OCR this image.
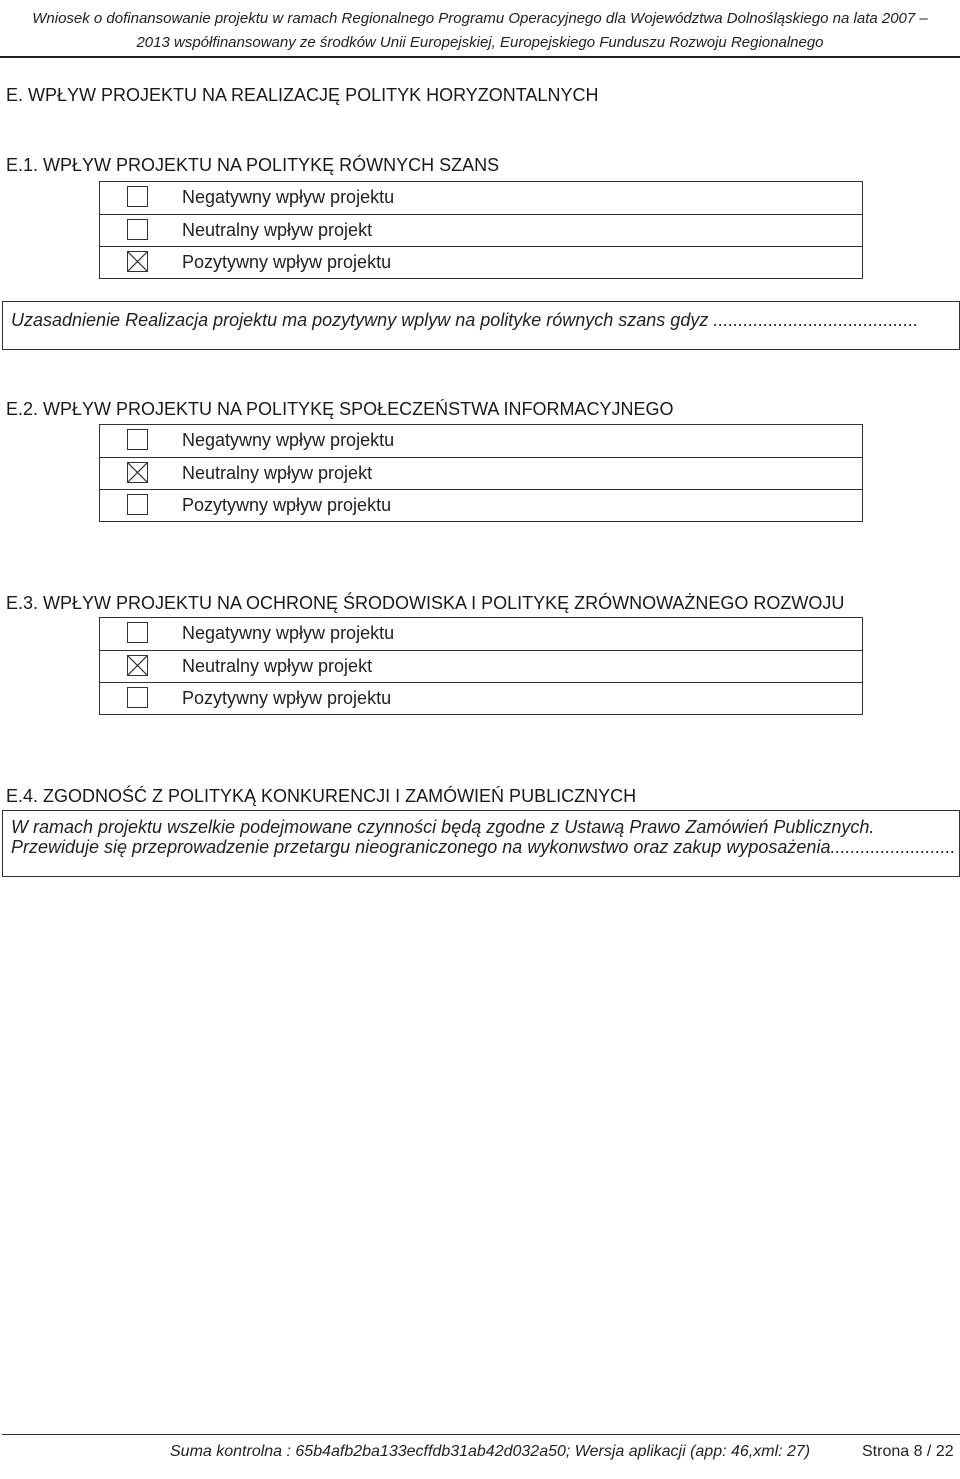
Wniosek o dofinansowanie projektu w ramach Regionalnego Programu Operacyjnego dla Województwa Dolnośląskiego na lata 2007 –
2013 współfinansowany ze środków Unii Europejskiej, Europejskiego Funduszu Rozwoju Regionalnego
E. WPŁYW PROJEKTU NA REALIZACJĘ POLITYK HORYZONTALNYCH
E.1. WPŁYW PROJEKTU NA POLITYKĘ RÓWNYCH SZANS
Negatywny wpływ projektu
Neutralny wpływ projekt
Pozytywny wpływ projektu
Uzasadnienie Realizacja projektu ma pozytywny wplyw na polityke równych szans gdyz .........................................
E.2. WPŁYW PROJEKTU NA POLITYKĘ SPOŁECZEŃSTWA INFORMACYJNEGO
Negatywny wpływ projektu
Neutralny wpływ projekt
Pozytywny wpływ projektu
E.3. WPŁYW PROJEKTU NA OCHRONĘ ŚRODOWISKA I POLITYKĘ ZRÓWNOWAŻNEGO ROZWOJU
Negatywny wpływ projektu
Neutralny wpływ projekt
Pozytywny wpływ projektu
E.4. ZGODNOŚĆ Z POLITYKĄ KONKURENCJI I ZAMÓWIEŃ PUBLICZNYCH
W ramach projektu wszelkie podejmowane czynności będą zgodne z Ustawą Prawo Zamówień Publicznych. Przewiduje się przeprowadzenie przetargu nieograniczonego na wykonwstwo oraz zakup wyposażenia.........................
Suma kontrolna : 65b4afb2ba133ecffdb31ab42d032a50; Wersja aplikacji (app: 46,xml: 27)	Strona 8 / 22
